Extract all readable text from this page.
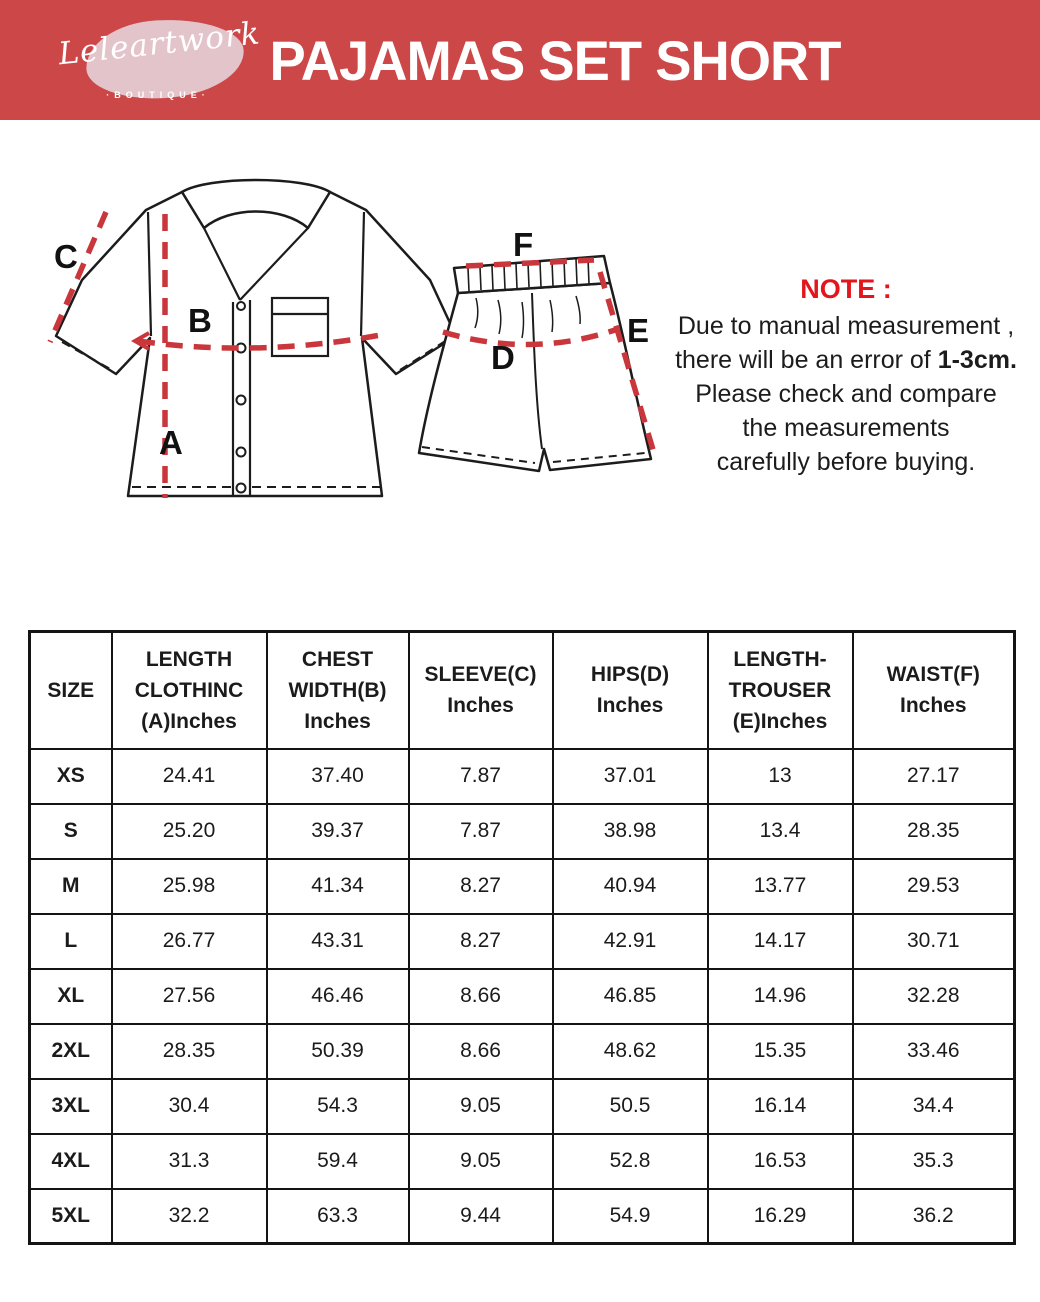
Leleartwork
·BOUTIQUE·
PAJAMAS SET SHORT
C
B
A
F
D
E
NOTE :
Due to manual measurement ,
there will be an error of 1-3cm.
Please check and compare
the measurements
carefully before buying.
SIZE

LENGTH
CLOTHINC
(A)Inches

CHEST
WIDTH(B)
Inches

SLEEVE(C)
Inches

HIPS(D)
Inches

LENGTH-
TROUSER
(E)Inches

WAIST(F)
Inches

XS	24.41	37.40	7.87	37.01	13	27.17
S	25.20	39.37	7.87	38.98	13.4	28.35
M	25.98	41.34	8.27	40.94	13.77	29.53
L	26.77	43.31	8.27	42.91	14.17	30.71
XL	27.56	46.46	8.66	46.85	14.96	32.28
2XL	28.35	50.39	8.66	48.62	15.35	33.46
3XL	30.4	54.3	9.05	50.5	16.14	34.4
4XL	31.3	59.4	9.05	52.8	16.53	35.3
5XL	32.2	63.3	9.44	54.9	16.29	36.2
